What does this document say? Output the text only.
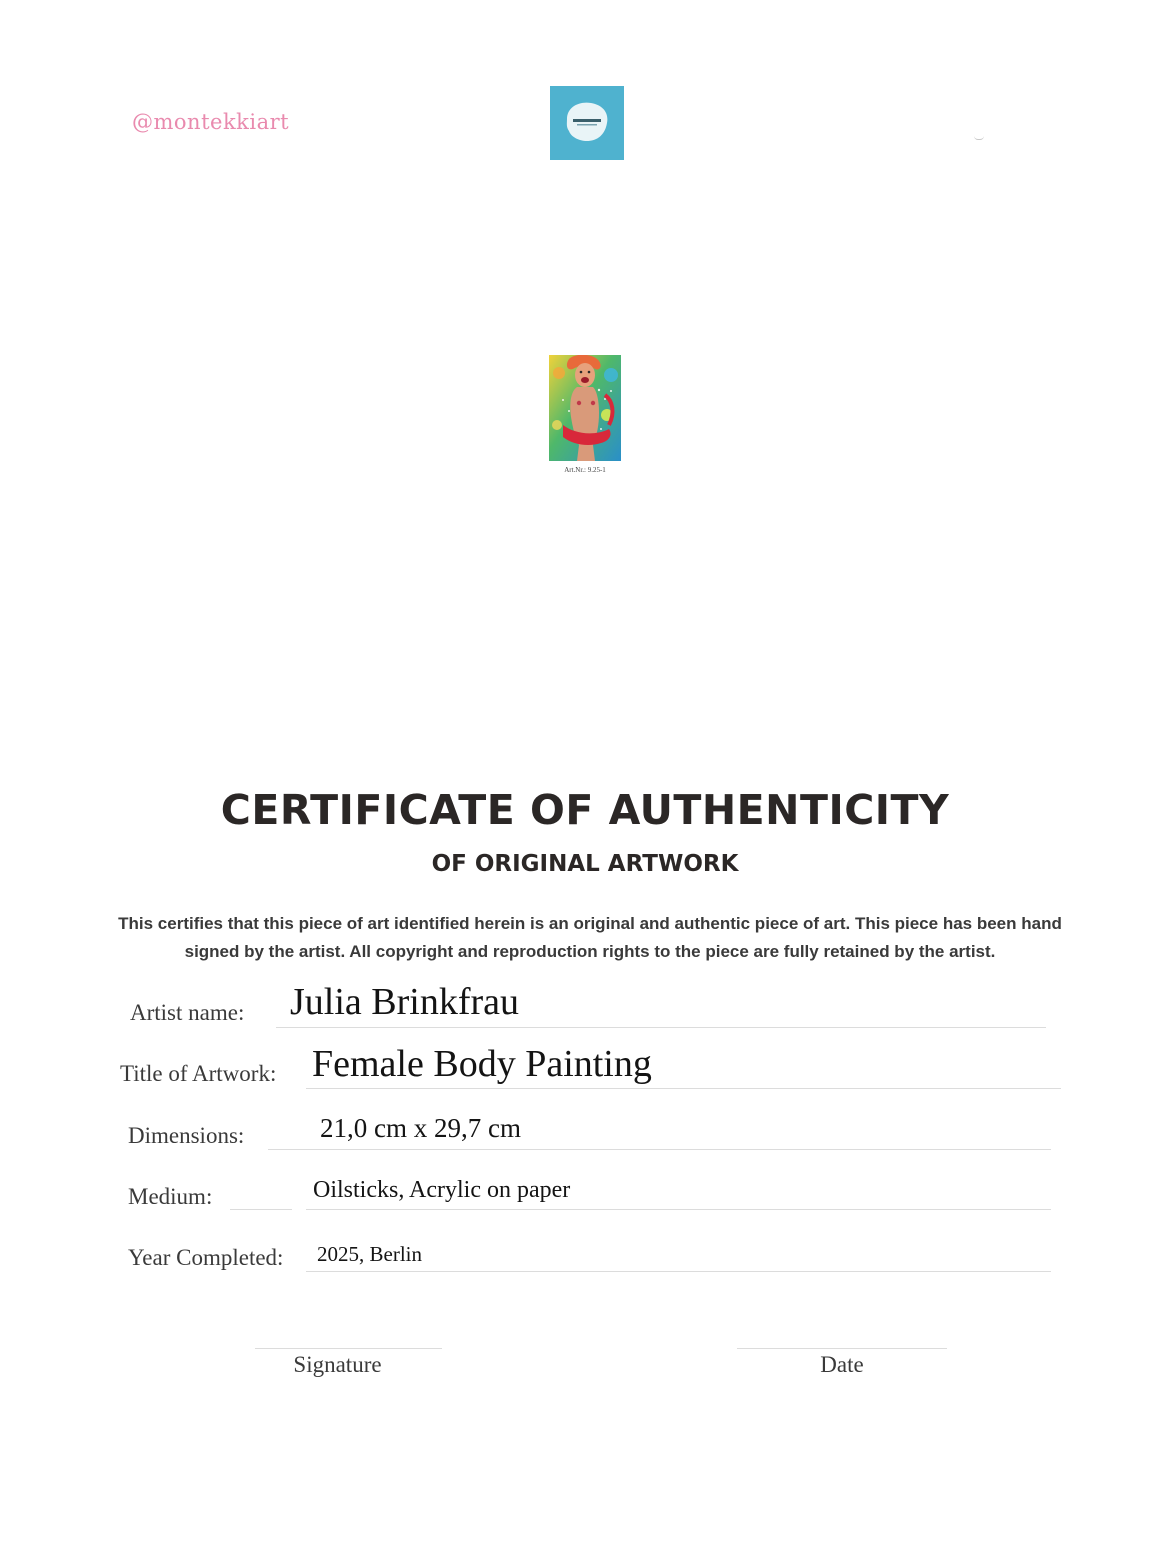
@montekkiart
Art.Nr.: 9.25-1
CERTIFICATE OF AUTHENTICITY
OF ORIGINAL ARTWORK
This certifies that this piece of art identified herein is an original and authentic piece of art. This piece has been hand
signed by the artist. All copyright and reproduction rights to the piece are fully retained by the artist.
Artist name: Julia Brinkfrau
Title of Artwork: Female Body Painting
Dimensions:	21,0 cm x 29,7 cm
Medium:	Oilsticks, Acrylic on paper
Year Completed: 2025, Berlin
Signature	Date
